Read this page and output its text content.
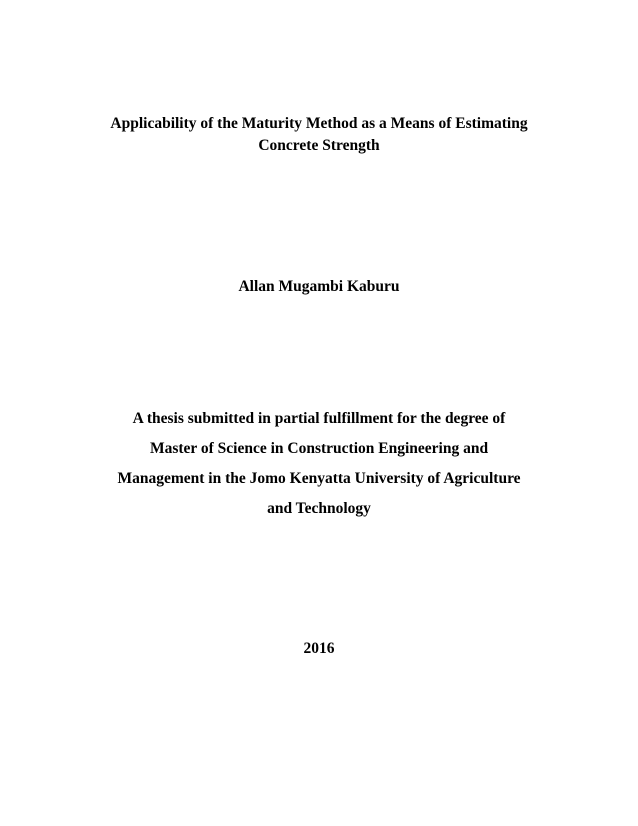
Applicability of the Maturity Method as a Means of Estimating
Concrete Strength
Allan Mugambi Kaburu
A thesis submitted in partial fulfillment for the degree of
Master of Science in Construction Engineering and
Management in the Jomo Kenyatta University of Agriculture
and Technology
2016
